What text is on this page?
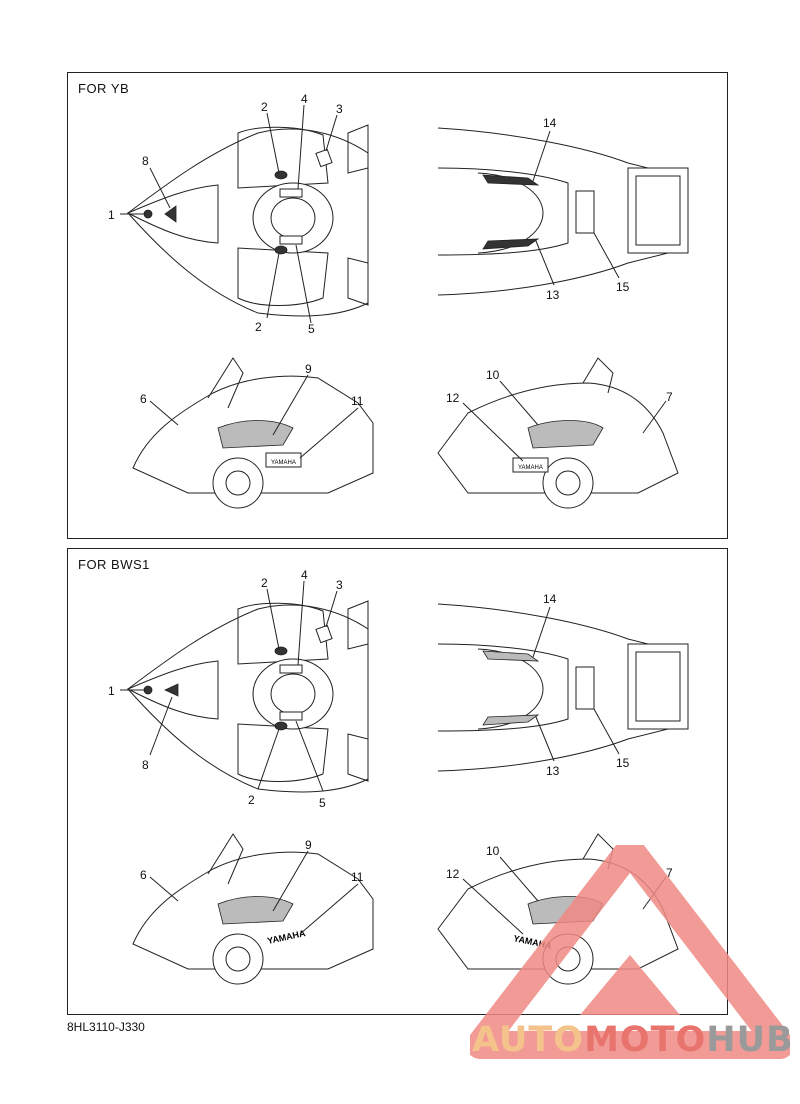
FOR YB
1
2
2
3
4
5
8
14
13
15
YAMAHA
6
9
11
YAMAHA
12
10
7
FOR BWS1
1
2
2
3
4
5
8
14
13
15
YAMAHA
6
9
11
YAMAHA
12
10
7
8HL3110-J330	AUTOMOTOHUB
